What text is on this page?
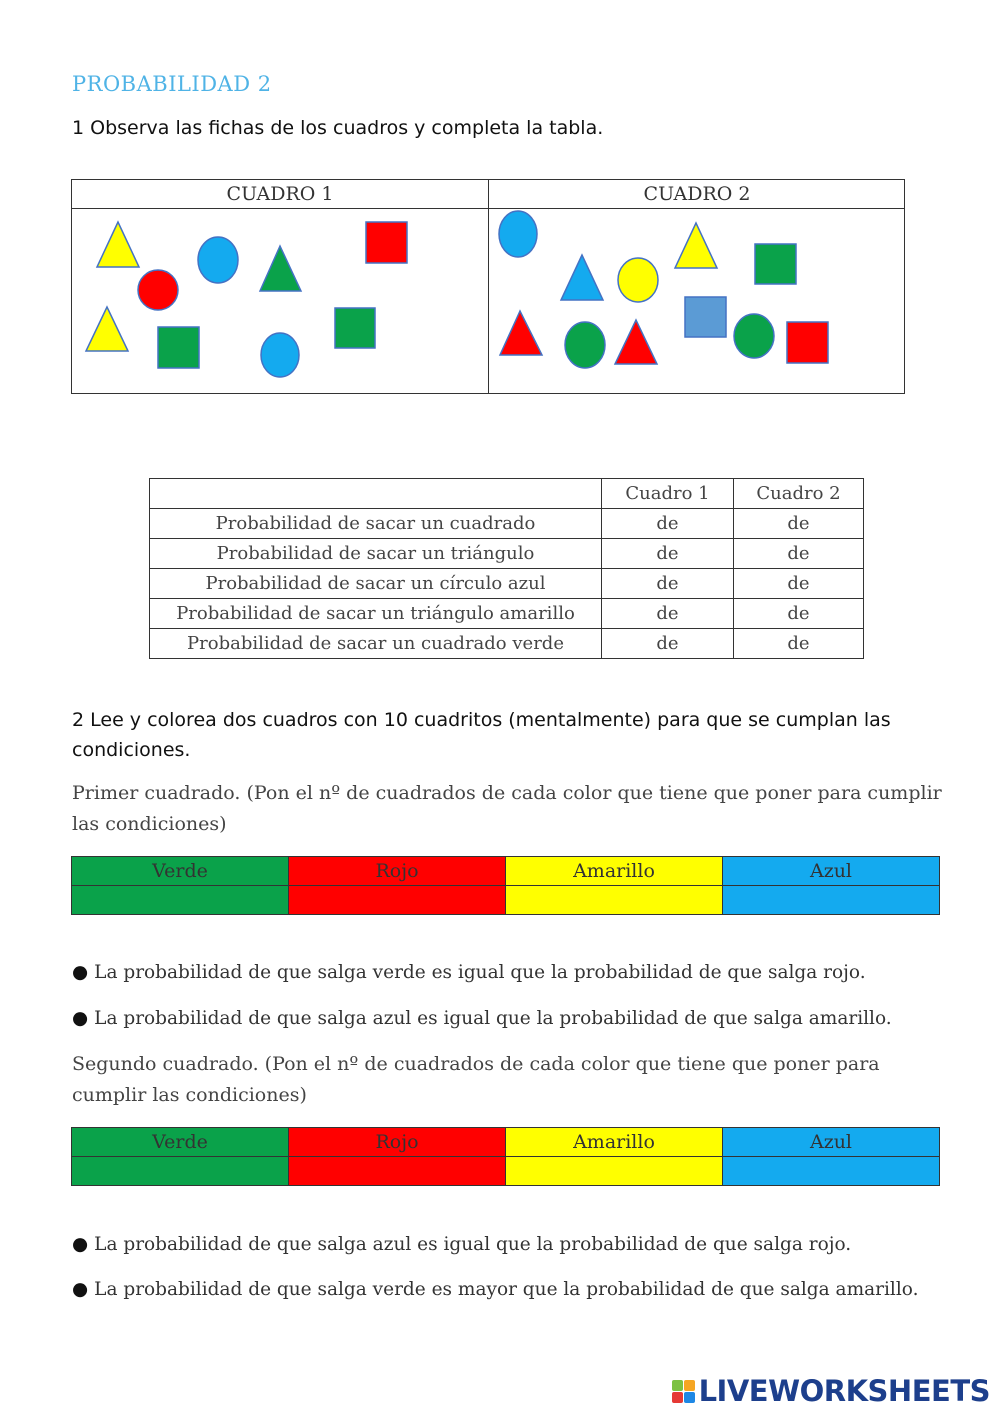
PROBABILIDAD 2
1 Observa las fichas de los cuadros y completa la tabla.
CUADRO 1	CUADRO 2
	Cuadro 1	Cuadro 2
Probabilidad de sacar un cuadrado	de	de
Probabilidad de sacar un triángulo	de	de
Probabilidad de sacar un círculo azul	de	de
Probabilidad de sacar un triángulo amarillo	de	de
Probabilidad de sacar un cuadrado verde	de	de
2 Lee y colorea dos cuadros con 10 cuadritos (mentalmente) para que se cumplan las condiciones.
Primer cuadrado. (Pon el nº de cuadrados de cada color que tiene que poner para cumplir las condiciones)
Verde	Rojo	Amarillo	Azul

● La probabilidad de que salga verde es igual que la probabilidad de que salga rojo.
● La probabilidad de que salga azul es igual que la probabilidad de que salga amarillo.
Segundo cuadrado. (Pon el nº de cuadrados de cada color que tiene que poner para cumplir las condiciones)
Verde	Rojo	Amarillo	Azul

● La probabilidad de que salga azul es igual que la probabilidad de que salga rojo.
● La probabilidad de que salga verde es mayor que la probabilidad de que salga amarillo.
LIVEWORKSHEETS
